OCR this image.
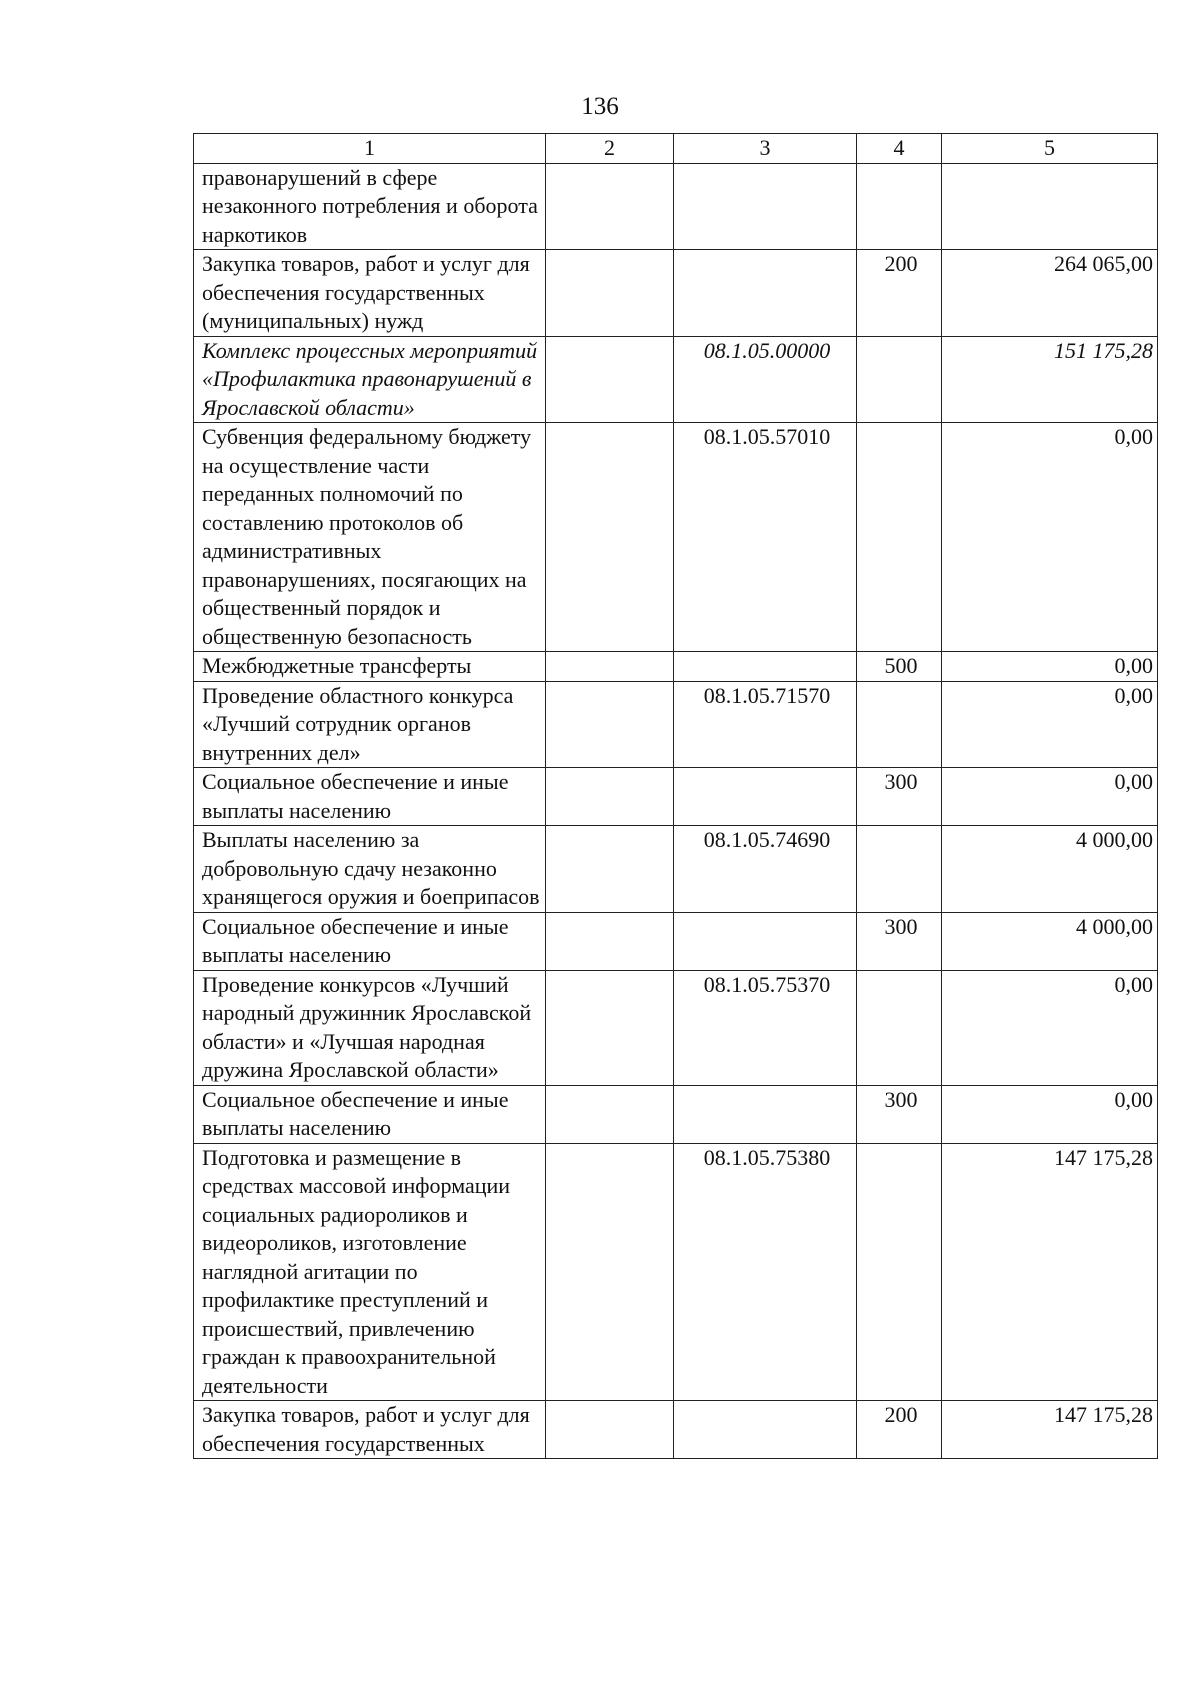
136
1	2	3	4	5
правонарушений в сфере незаконного потребления и оборота наркотиков				
Закупка товаров, работ и услуг для обеспечения государственных (муниципальных) нужд			200	264 065,00
Комплекс процессных мероприятий «Профилактика правонарушений в Ярославской области»		08.1.05.00000		151 175,28
Субвенция федеральному бюджету на осуществление части переданных полномочий по составлению протоколов об административных правонарушениях, посягающих на общественный порядок и общественную безопасность		08.1.05.57010		0,00
Межбюджетные трансферты			500	0,00
Проведение областного конкурса «Лучший сотрудник органов внутренних дел»		08.1.05.71570		0,00
Социальное обеспечение и иные выплаты населению			300	0,00
Выплаты населению за добровольную сдачу незаконно хранящегося оружия и боеприпасов		08.1.05.74690		4 000,00
Социальное обеспечение и иные выплаты населению			300	4 000,00
Проведение конкурсов «Лучший народный дружинник Ярославской области» и «Лучшая народная дружина Ярославской области»		08.1.05.75370		0,00
Социальное обеспечение и иные выплаты населению			300	0,00
Подготовка и размещение в средствах массовой информации социальных радиороликов и видеороликов, изготовление наглядной агитации по профилактике преступлений и происшествий, привлечению граждан к правоохранительной деятельности		08.1.05.75380		147 175,28
Закупка товаров, работ и услуг для обеспечения государственных			200	147 175,28
